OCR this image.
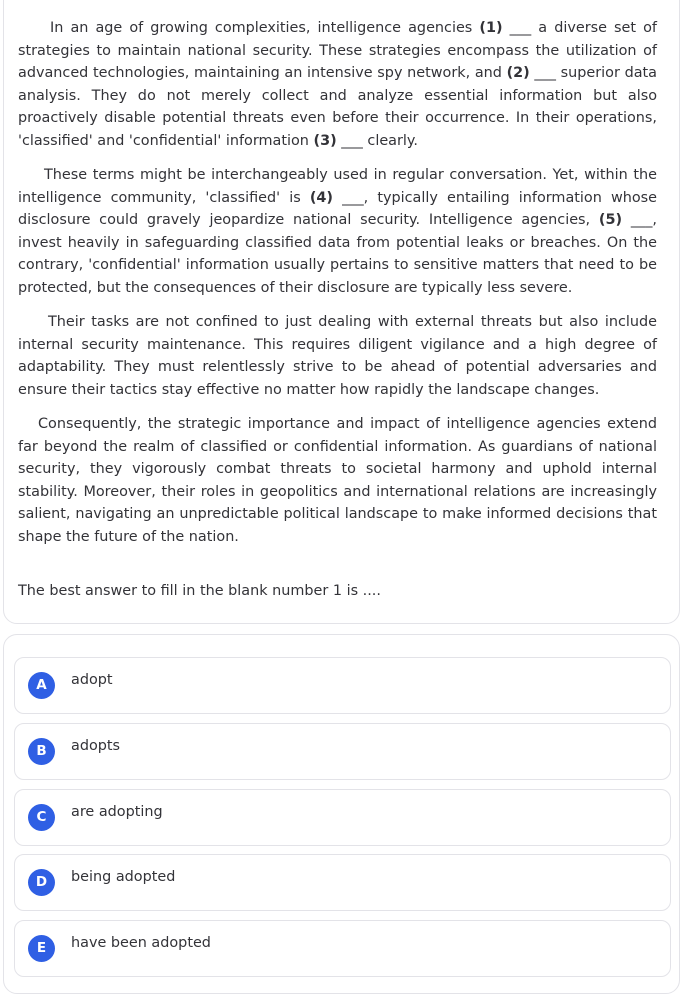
In an age of growing complexities, intelligence agencies (1) ___ a diverse set of strategies to maintain national security. These strategies encompass the utilization of advanced technologies, maintaining an intensive spy network, and (2) ___ superior data analysis. They do not merely collect and analyze essential information but also proactively disable potential threats even before their occurrence. In their operations, 'classified' and 'confidential' information (3) ___ clearly.

These terms might be interchangeably used in regular conversation. Yet, within the intelligence community, 'classified' is (4) ___, typically entailing information whose disclosure could gravely jeopardize national security. Intelligence agencies, (5) ___, invest heavily in safeguarding classified data from potential leaks or breaches. On the contrary, 'confidential' information usually pertains to sensitive matters that need to be protected, but the consequences of their disclosure are typically less severe.

Their tasks are not confined to just dealing with external threats but also include internal security maintenance. This requires diligent vigilance and a high degree of adaptability. They must relentlessly strive to be ahead of potential adversaries and ensure their tactics stay effective no matter how rapidly the landscape changes.

Consequently, the strategic importance and impact of intelligence agencies extend far beyond the realm of classified or confidential information. As guardians of national security, they vigorously combat threats to societal harmony and uphold internal stability. Moreover, their roles in geopolitics and international relations are increasingly salient, navigating an unpredictable political landscape to make informed decisions that shape the future of the nation.

The best answer to fill in the blank number 1 is ....
A	adopt
B	adopts
C	are adopting
D	being adopted
E	have been adopted
